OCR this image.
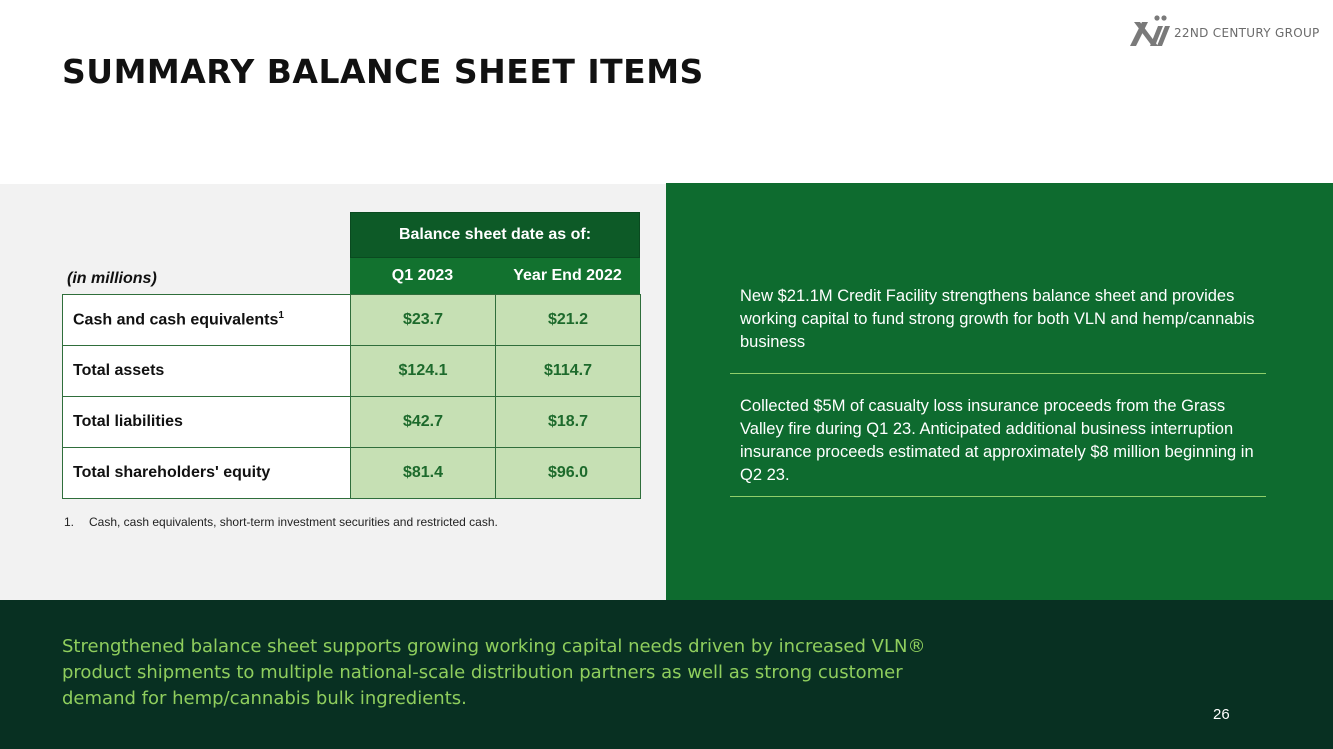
SUMMARY BALANCE SHEET ITEMS
22ND CENTURY GROUP
Balance sheet date as of:
Q1 2023	Year End 2022
(in millions)
Cash and cash equivalents$^1$	$23.7	$21.2
Total assets	$124.1	$114.7
Total liabilities	$42.7	$18.7
Total shareholders' equity	$81.4	$96.0
1. Cash, cash equivalents, short-term investment securities and restricted cash.
New $21.1M Credit Facility strengthens balance sheet and provides working capital to fund strong growth for both VLN and hemp/cannabis business
Collected $5M of casualty loss insurance proceeds from the Grass Valley fire during Q1 23. Anticipated additional business interruption insurance proceeds estimated at approximately $8 million beginning in Q2 23.
Strengthened balance sheet supports growing working capital needs driven by increased VLN® product shipments to multiple national-scale distribution partners as well as strong customer demand for hemp/cannabis bulk ingredients.
26
